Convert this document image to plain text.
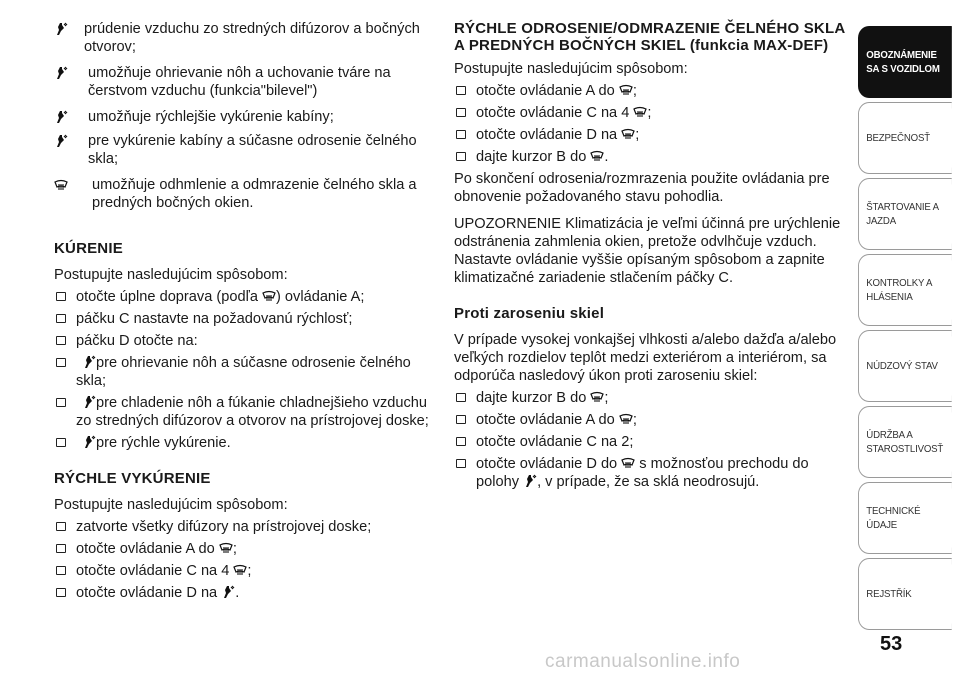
prúdenie vzduchu zo stredných difúzorov a bočných otvorov;
umožňuje ohrievanie nôh a uchovanie tváre na čerstvom vzduchu (funkcia"bilevel")
umožňuje rýchlejšie vykúrenie kabíny;
pre vykúrenie kabíny a súčasne odrosenie čelného skla;
umožňuje odhmlenie a odmrazenie čelného skla a predných bočných okien.
KÚRENIE

Postupujte nasledujúcim spôsobom:

otočte úplne doprava (podľa ) ovládanie A;
páčku C nastavte na požadovanú rýchlosť;
páčku D otočte na:
pre ohrievanie nôh a súčasne odrosenie čelného skla;
pre chladenie nôh a fúkanie chladnejšieho vzduchu zo stredných difúzorov a otvorov na prístrojovej doske;
pre rýchle vykúrenie.
RÝCHLE VYKÚRENIE

Postupujte nasledujúcim spôsobom:

zatvorte všetky difúzory na prístrojovej doske;
otočte ovládanie A do ;
otočte ovládanie C na 4 ;
otočte ovládanie D na .
RÝCHLE ODROSENIE/ODMRAZENIE ČELNÉHO SKLA A PREDNÝCH BOČNÝCH SKIEL (funkcia MAX-DEF)

Postupujte nasledujúcim spôsobom:

otočte ovládanie A do ;
otočte ovládanie C na 4 ;
otočte ovládanie D na ;
dajte kurzor B do .

Po skončení odrosenia/rozmrazenia použite ovládania pre obnovenie požadovaného stavu pohodlia.

UPOZORNENIE Klimatizácia je veľmi účinná pre urýchlenie odstránenia zahmlenia okien, pretože odvlhčuje vzduch. Nastavte ovládanie vyššie opísaným spôsobom a zapnite klimatizačné zariadenie stlačením páčky C.

Proti zaroseniu skiel

V prípade vysokej vonkajšej vlhkosti a/alebo dažďa a/alebo veľkých rozdielov teplôt medzi exteriérom a interiérom, sa odporúča nasledový úkon proti zaroseniu skiel:

dajte kurzor B do ;
otočte ovládanie A do ;
otočte ovládanie C na 2;
otočte ovládanie D do s možnosťou prechodu do polohy , v prípade, že sa sklá neodrosujú.
OBOZNÁMENIE SA S VOZIDLOM
BEZPEČNOSŤ
ŠTARTOVANIE A JAZDA
KONTROLKY A HLÁSENIA
NÚDZOVÝ STAV
ÚDRŽBA A STAROSTLIVOSŤ
TECHNICKÉ ÚDAJE
REJSTŘÍK
53
carmanualsonline.info
